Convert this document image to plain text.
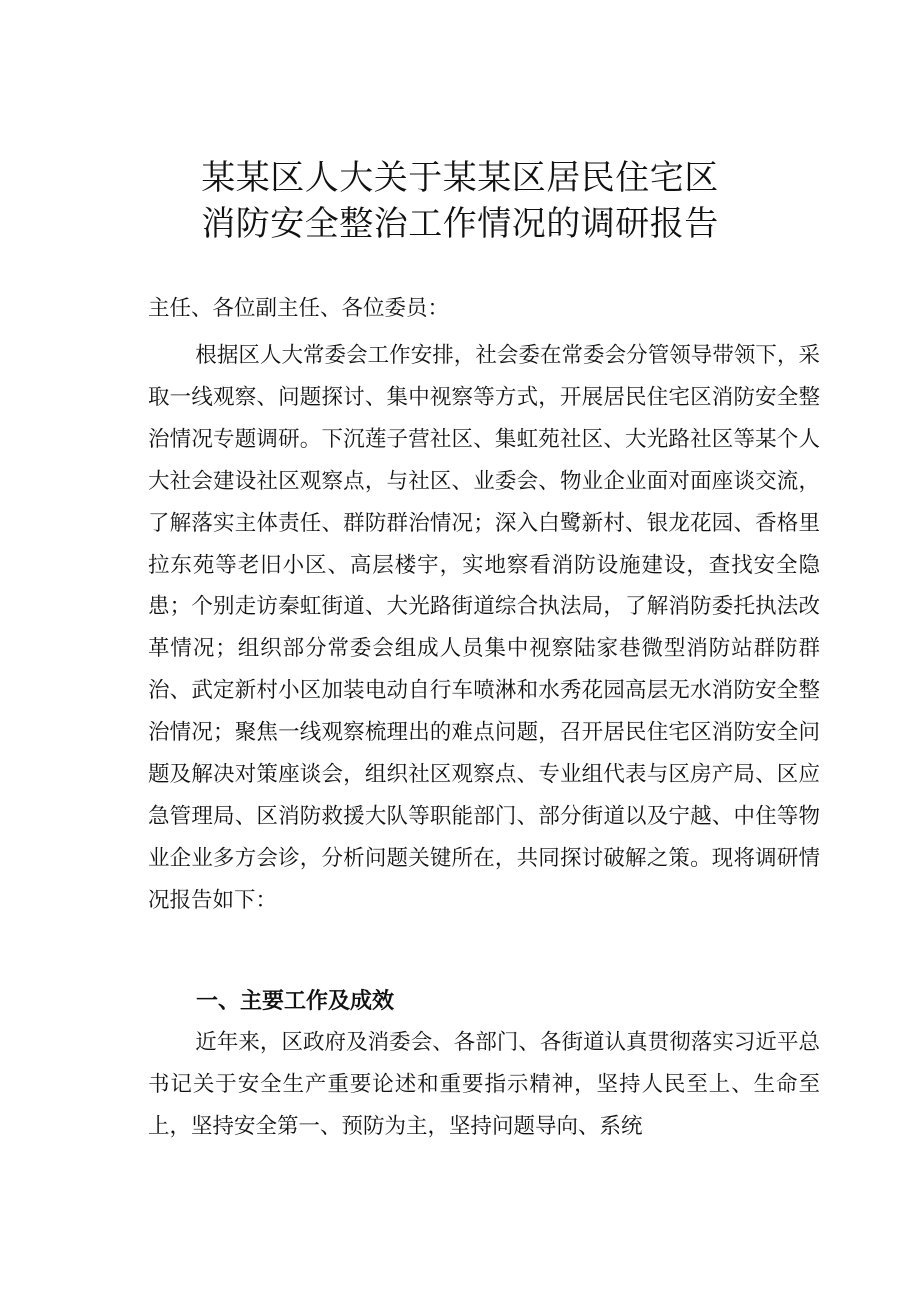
某某区人大关于某某区居民住宅区
消防安全整治工作情况的调研报告

主任、各位副主任、各位委员：

根据区人大常委会工作安排，社会委在常委会分管领导带领下，采取一线观察、问题探讨、集中视察等方式，开展居民住宅区消防安全整治情况专题调研。下沉莲子营社区、集虹苑社区、大光路社区等某个人大社会建设社区观察点，与社区、业委会、物业企业面对面座谈交流，了解落实主体责任、群防群治情况；深入白鹭新村、银龙花园、香格里拉东苑等老旧小区、高层楼宇，实地察看消防设施建设，查找安全隐患；个别走访秦虹街道、大光路街道综合执法局，了解消防委托执法改革情况；组织部分常委会组成人员集中视察陆家巷微型消防站群防群治、武定新村小区加装电动自行车喷淋和水秀花园高层无水消防安全整治情况；聚焦一线观察梳理出的难点问题，召开居民住宅区消防安全问题及解决对策座谈会，组织社区观察点、专业组代表与区房产局、区应急管理局、区消防救援大队等职能部门、部分街道以及宁越、中住等物业企业多方会诊，分析问题关键所在，共同探讨破解之策。现将调研情况报告如下：

一、主要工作及成效

近年来，区政府及消委会、各部门、各街道认真贯彻落实习近平总书记关于安全生产重要论述和重要指示精神，坚持人民至上、生命至上，坚持安全第一、预防为主，坚持问题导向、系统
